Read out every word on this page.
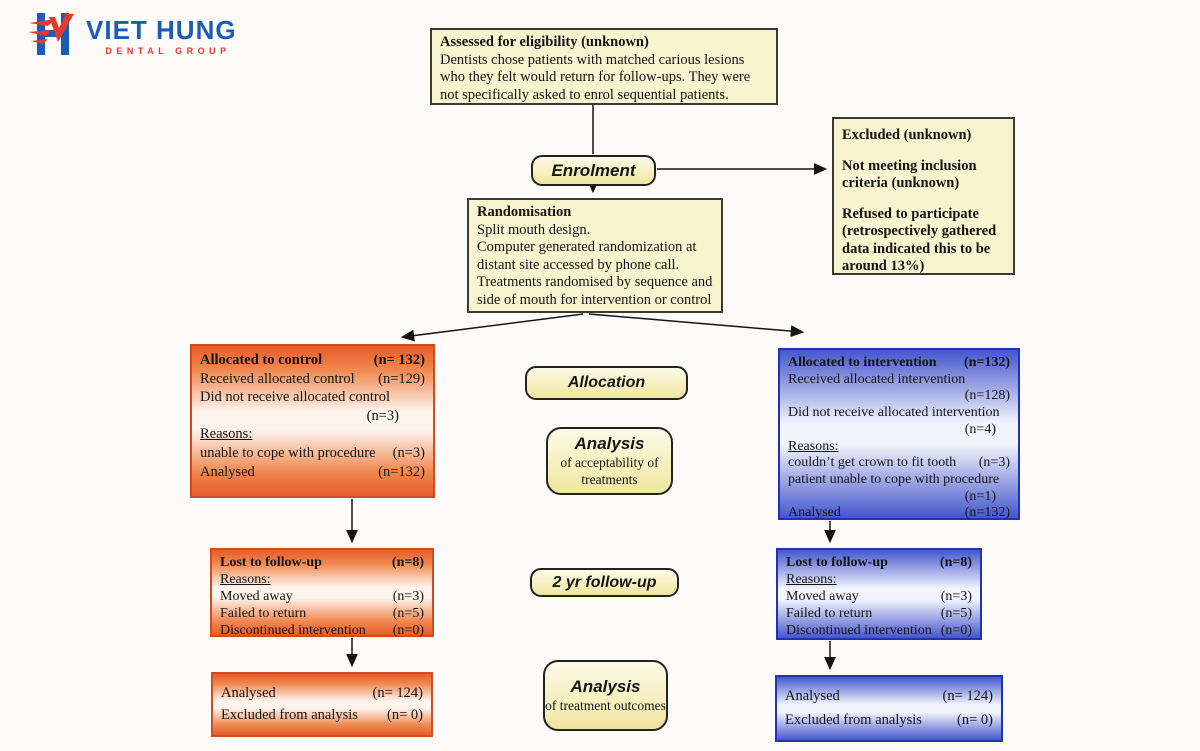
VIET HUNG
DENTAL GROUP
Assessed for eligibility (unknown)
Dentists chose patients with matched carious lesions who they felt would return for follow-ups. They were not specifically asked to enrol sequential patients.
Excluded (unknown)
Not meeting inclusion criteria (unknown)
Refused to participate (retrospectively gathered data indicated this to be around 13%)
Enrolment
Randomisation
Split mouth design.
Computer generated randomization at distant site accessed by phone call.
Treatments randomised by sequence and side of mouth for intervention or control
Allocated to control	(n= 132)
Received allocated control (n=129)
Did not receive allocated control
(n=3)
Reasons:
unable to cope with procedure (n=3)
Analysed	(n=132)
Allocation
Analysis
of acceptability of treatments
Allocated to intervention (n=132)
Received allocated intervention
(n=128)
Did not receive allocated intervention
(n=4)
Reasons:
couldn’t get crown to fit tooth (n=3)
patient unable to cope with procedure
(n=1)
Analysed	(n=132)
Lost to follow-up	(n=8)
Reasons:
Moved away	(n=3)
Failed to return	(n=5)
Discontinued intervention (n=0)
2 yr follow-up
Lost to follow-up	(n=8)
Reasons:
Moved away	(n=3)
Failed to return	(n=5)
Discontinued intervention (n=0)
Analysed	(n= 124)
Excluded from analysis (n= 0)
Analysis
of treatment outcomes
Analysed	(n= 124)
Excluded from analysis (n= 0)
